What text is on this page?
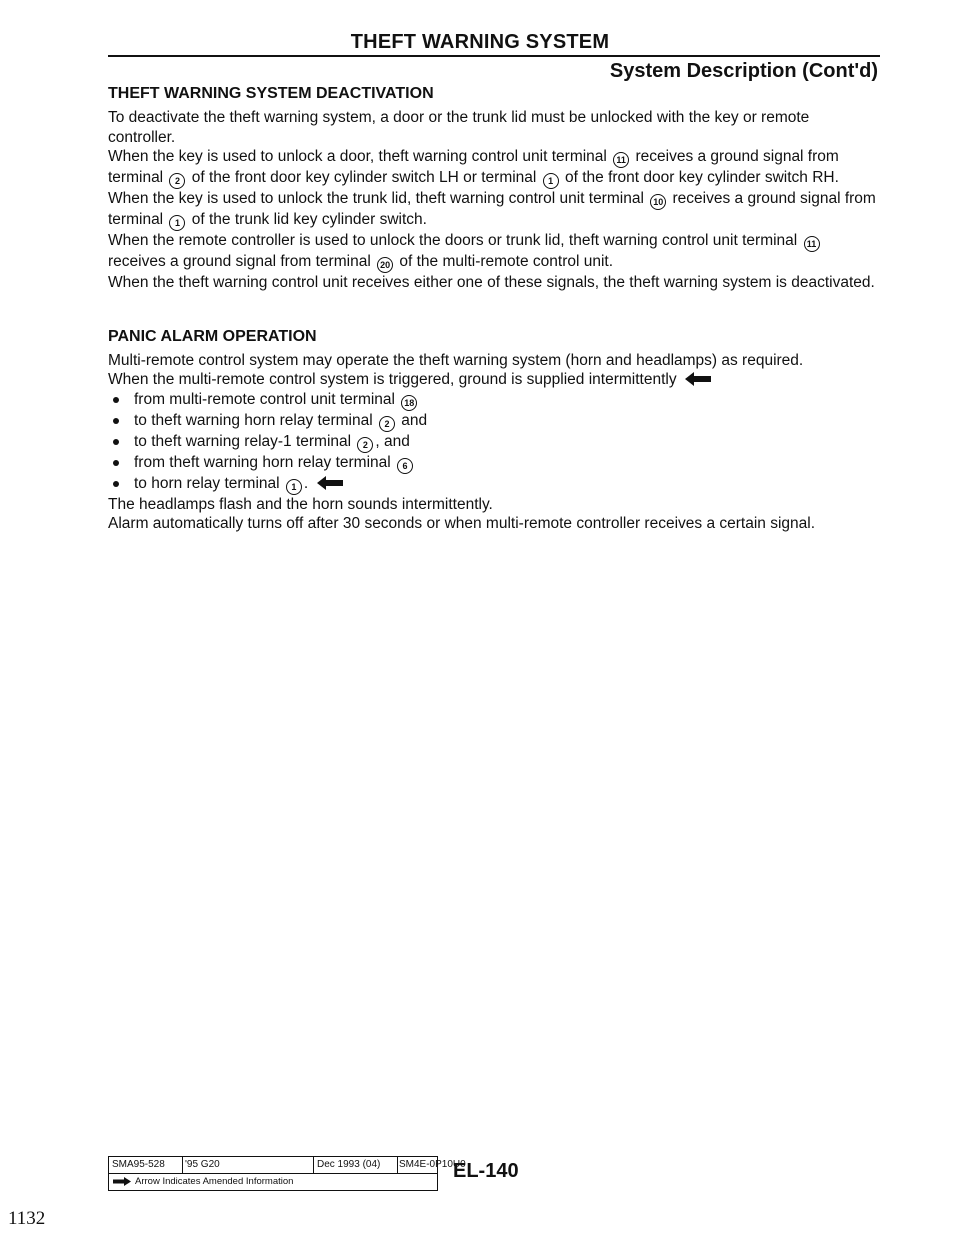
THEFT WARNING SYSTEM
System Description (Cont'd)
THEFT WARNING SYSTEM DEACTIVATION

To deactivate the theft warning system, a door or the trunk lid must be unlocked with the key or remote controller.

When the key is used to unlock a door, theft warning control unit terminal 11 receives a ground signal from terminal 2 of the front door key cylinder switch LH or terminal 1 of the front door key cylinder switch RH.

When the key is used to unlock the trunk lid, theft warning control unit terminal 10 receives a ground signal from terminal 1 of the trunk lid key cylinder switch.

When the remote controller is used to unlock the doors or trunk lid, theft warning control unit terminal 11 receives a ground signal from terminal 20 of the multi-remote control unit.

When the theft warning control unit receives either one of these signals, the theft warning system is deactivated.

PANIC ALARM OPERATION

Multi-remote control system may operate the theft warning system (horn and headlamps) as required.

When the multi-remote control system is triggered, ground is supplied intermittently

from multi-remote control unit terminal 18
to theft warning horn relay terminal 2 and
to theft warning relay-1 terminal 2 , and
from theft warning horn relay terminal 6
to horn relay terminal 1 .

The headlamps flash and the horn sounds intermittently.

Alarm automatically turns off after 30 seconds or when multi-remote controller receives a certain signal.

SMA95-528	'95 G20	Dec 1993 (04)	SM4E-0P10U0
Arrow Indicates Amended Information	EL-140
1132
